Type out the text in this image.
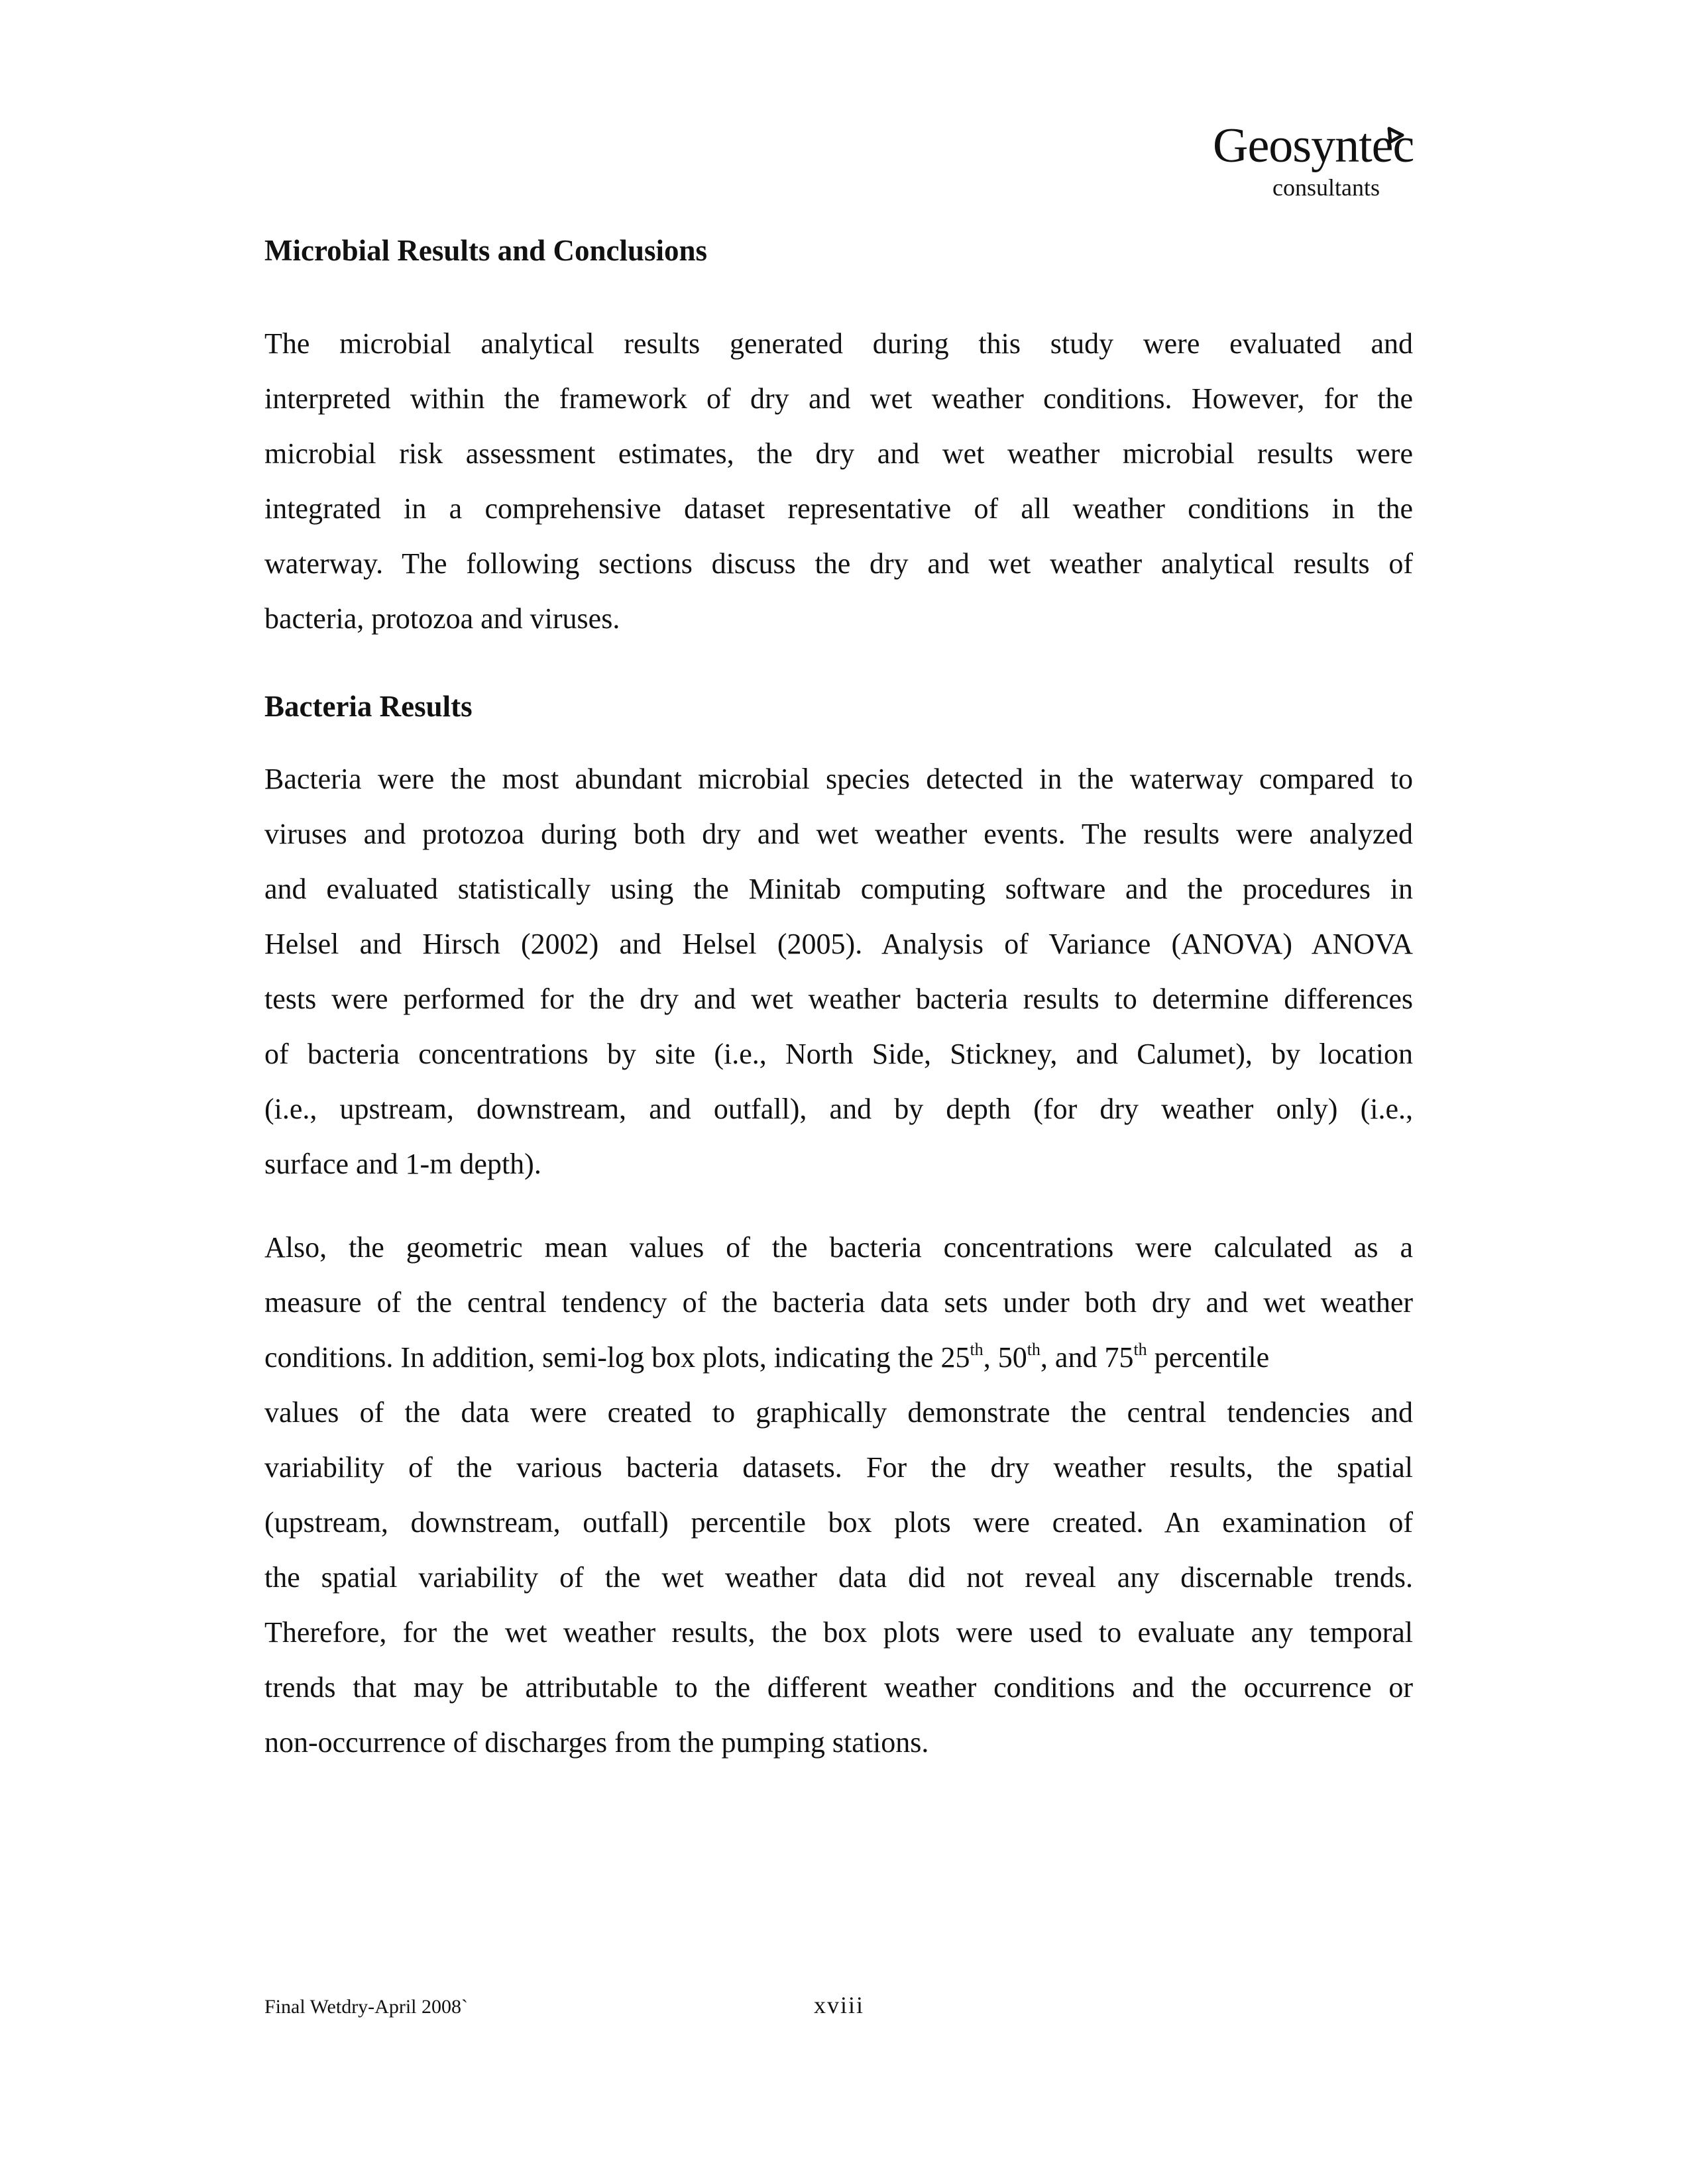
Geosyntec
consultants
Microbial Results and Conclusions
The microbial analytical results generated during this study were evaluated and
interpreted within the framework of dry and wet weather conditions. However, for the
microbial risk assessment estimates, the dry and wet weather microbial results were
integrated in a comprehensive dataset representative of all weather conditions in the
waterway. The following sections discuss the dry and wet weather analytical results of
bacteria, protozoa and viruses.
Bacteria Results
Bacteria were the most abundant microbial species detected in the waterway compared to
viruses and protozoa during both dry and wet weather events. The results were analyzed
and evaluated statistically using the Minitab computing software and the procedures in
Helsel and Hirsch (2002) and Helsel (2005). Analysis of Variance (ANOVA) ANOVA
tests were performed for the dry and wet weather bacteria results to determine differences
of bacteria concentrations by site (i.e., North Side, Stickney, and Calumet), by location
(i.e., upstream, downstream, and outfall), and by depth (for dry weather only) (i.e.,
surface and 1-m depth).
Also, the geometric mean values of the bacteria concentrations were calculated as a
measure of the central tendency of the bacteria data sets under both dry and wet weather
conditions. In addition, semi-log box plots, indicating the 25th, 50th, and 75th percentile
values of the data were created to graphically demonstrate the central tendencies and
variability of the various bacteria datasets. For the dry weather results, the spatial
(upstream, downstream, outfall) percentile box plots were created. An examination of
the spatial variability of the wet weather data did not reveal any discernable trends.
Therefore, for the wet weather results, the box plots were used to evaluate any temporal
trends that may be attributable to the different weather conditions and the occurrence or
non-occurrence of discharges from the pumping stations.
Final Wetdry-April 2008`	xviii
